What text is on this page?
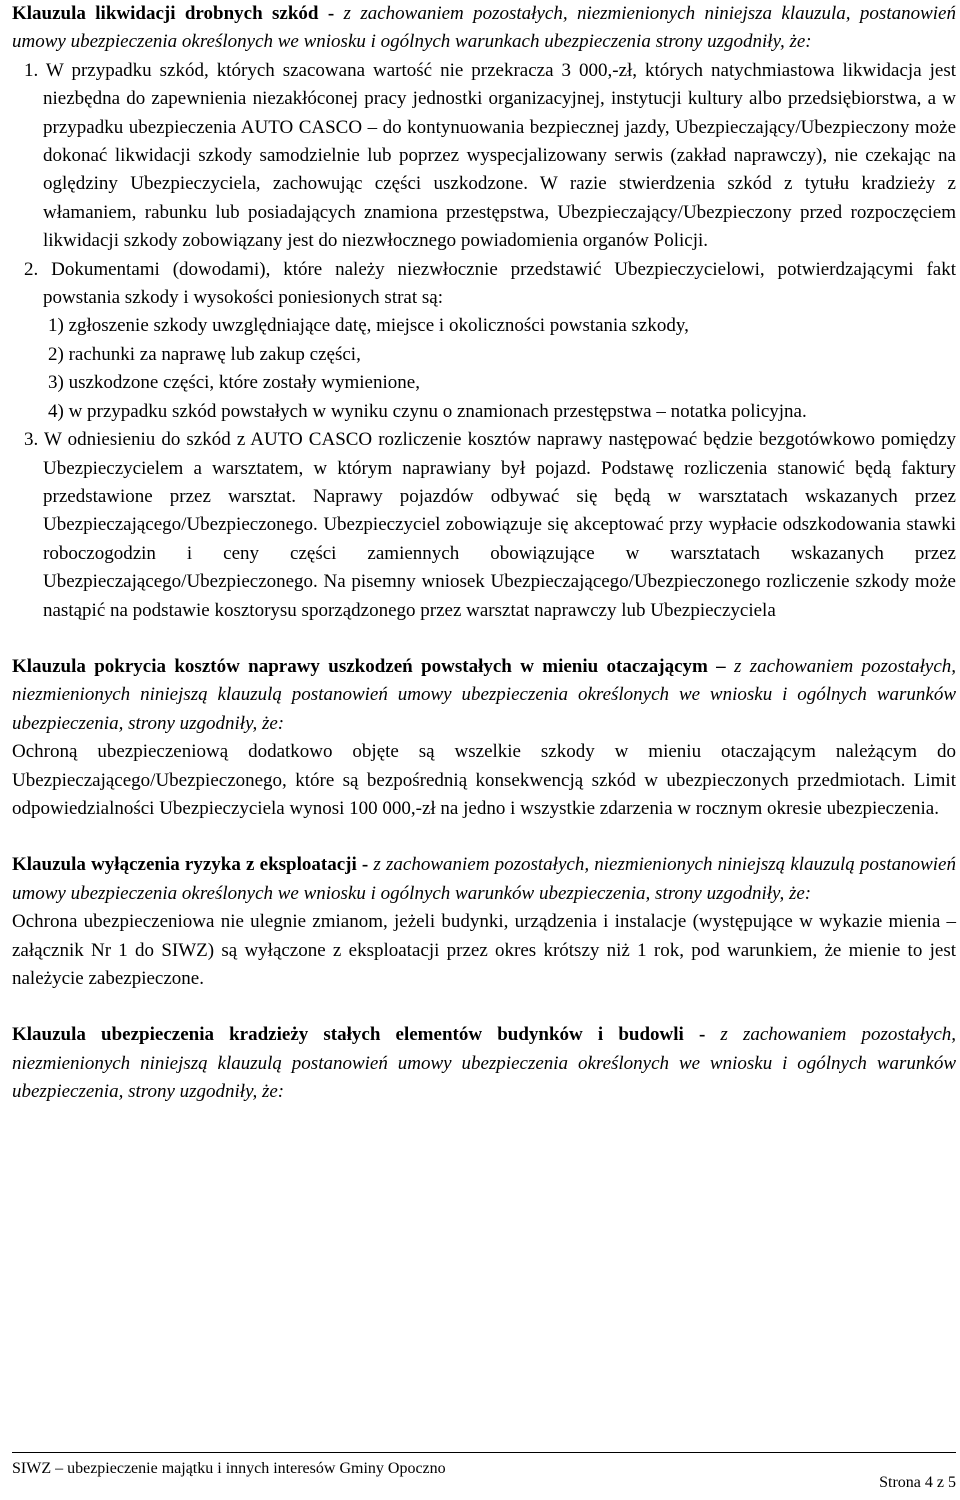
Klauzula likwidacji drobnych szkód - z zachowaniem pozostałych, niezmienionych niniejsza klauzula, postanowień umowy ubezpieczenia określonych we wniosku i ogólnych warunkach ubezpieczenia strony uzgodniły, że:

1. W przypadku szkód, których szacowana wartość nie przekracza 3 000,-zł, których natychmiastowa likwidacja jest niezbędna do zapewnienia niezakłóconej pracy jednostki organizacyjnej, instytucji kultury albo przedsiębiorstwa, a w przypadku ubezpieczenia AUTO CASCO – do kontynuowania bezpiecznej jazdy, Ubezpieczający/Ubezpieczony może dokonać likwidacji szkody samodzielnie lub poprzez wyspecjalizowany serwis (zakład naprawczy), nie czekając na oględziny Ubezpieczyciela, zachowując części uszkodzone. W razie stwierdzenia szkód z tytułu kradzieży z włamaniem, rabunku lub posiadających znamiona przestępstwa, Ubezpieczający/Ubezpieczony przed rozpoczęciem likwidacji szkody zobowiązany jest do niezwłocznego powiadomienia organów Policji.

2. Dokumentami (dowodami), które należy niezwłocznie przedstawić Ubezpieczycielowi, potwierdzającymi fakt powstania szkody i wysokości poniesionych strat są:

1) zgłoszenie szkody uwzględniające datę, miejsce i okoliczności powstania szkody,

2) rachunki za naprawę lub zakup części,

3) uszkodzone części, które zostały wymienione,

4) w przypadku szkód powstałych w wyniku czynu o znamionach przestępstwa – notatka policyjna.

3. W odniesieniu do szkód z AUTO CASCO rozliczenie kosztów naprawy następować będzie bezgotówkowo pomiędzy Ubezpieczycielem a warsztatem, w którym naprawiany był pojazd. Podstawę rozliczenia stanowić będą faktury przedstawione przez warsztat. Naprawy pojazdów odbywać się będą w warsztatach wskazanych przez Ubezpieczającego/Ubezpieczonego. Ubezpieczyciel zobowiązuje się akceptować przy wypłacie odszkodowania stawki roboczogodzin i ceny części zamiennych obowiązujące w warsztatach wskazanych przez Ubezpieczającego/Ubezpieczonego. Na pisemny wniosek Ubezpieczającego/Ubezpieczonego rozliczenie szkody może nastąpić na podstawie kosztorysu sporządzonego przez warsztat naprawczy lub Ubezpieczyciela

Klauzula pokrycia kosztów naprawy uszkodzeń powstałych w mieniu otaczającym – z zachowaniem pozostałych, niezmienionych niniejszą klauzulą postanowień umowy ubezpieczenia określonych we wniosku i ogólnych warunków ubezpieczenia, strony uzgodniły, że:

Ochroną ubezpieczeniową dodatkowo objęte są wszelkie szkody w mieniu otaczającym należącym do Ubezpieczającego/Ubezpieczonego, które są bezpośrednią konsekwencją szkód w ubezpieczonych przedmiotach. Limit odpowiedzialności Ubezpieczyciela wynosi 100 000,-zł na jedno i wszystkie zdarzenia w rocznym okresie ubezpieczenia.

Klauzula wyłączenia ryzyka z eksploatacji - z zachowaniem pozostałych, niezmienionych niniejszą klauzulą postanowień umowy ubezpieczenia określonych we wniosku i ogólnych warunków ubezpieczenia, strony uzgodniły, że:

Ochrona ubezpieczeniowa nie ulegnie zmianom, jeżeli budynki, urządzenia i instalacje (występujące w wykazie mienia – załącznik Nr 1 do SIWZ) są wyłączone z eksploatacji przez okres krótszy niż 1 rok, pod warunkiem, że mienie to jest należycie zabezpieczone.

Klauzula ubezpieczenia kradzieży stałych elementów budynków i budowli - z zachowaniem pozostałych, niezmienionych niniejszą klauzulą postanowień umowy ubezpieczenia określonych we wniosku i ogólnych warunków ubezpieczenia, strony uzgodniły, że:

SIWZ – ubezpieczenie majątku i innych interesów Gminy Opoczno
Strona 4 z 5
